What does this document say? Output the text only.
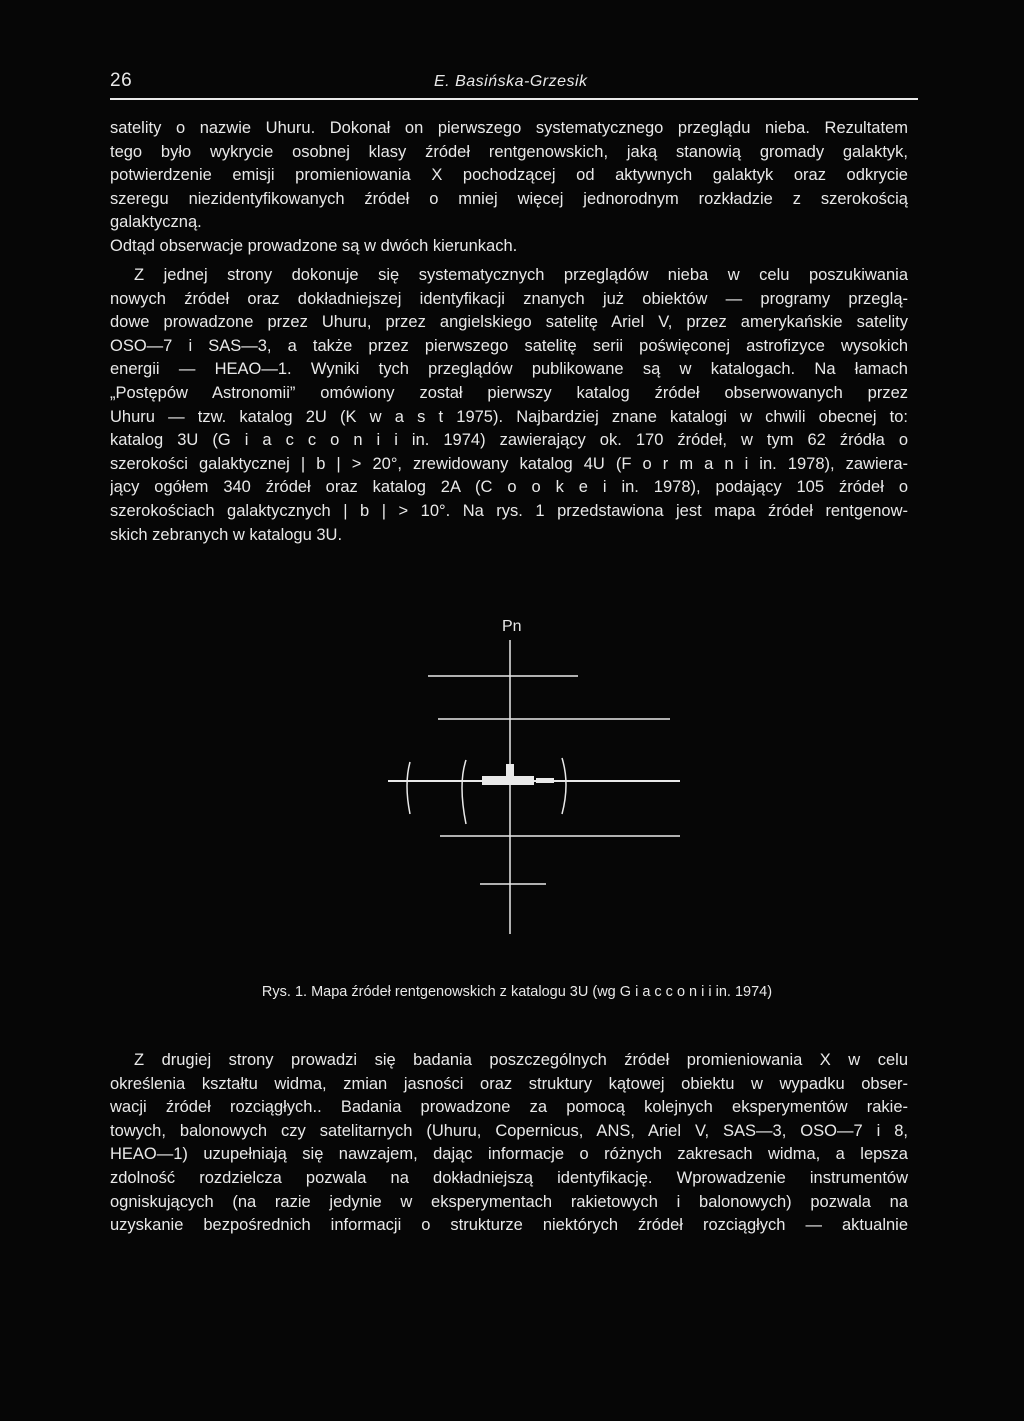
26	E. Basińska-Grzesik
satelity o nazwie Uhuru. Dokonał on pierwszego systematycznego przeglądu nieba. Rezultatem
tego było wykrycie osobnej klasy źródeł rentgenowskich, jaką stanowią gromady galaktyk,
potwierdzenie emisji promieniowania X pochodzącej od aktywnych galaktyk oraz odkrycie
szeregu niezidentyfikowanych źródeł o mniej więcej jednorodnym rozkładzie z szerokością
galaktyczną.
Odtąd obserwacje prowadzone są w dwóch kierunkach.
Z jednej strony dokonuje się systematycznych przeglądów nieba w celu poszukiwania
nowych źródeł oraz dokładniejszej identyfikacji znanych już obiektów — programy przeglą-
dowe prowadzone przez Uhuru, przez angielskiego satelitę Ariel V, przez amerykańskie satelity
OSO—7 i SAS—3, a także przez pierwszego satelitę serii poświęconej astrofizyce wysokich
energii — HEAO—1. Wyniki tych przeglądów publikowane są w katalogach. Na łamach
„Postępów Astronomii” omówiony został pierwszy katalog źródeł obserwowanych przez
Uhuru — tzw. katalog 2U (K w a s t 1975). Najbardziej znane katalogi w chwili obecnej to:
katalog 3U (G i a c c o n i i in. 1974) zawierający ok. 170 źródeł, w tym 62 źródła o
szerokości galaktycznej | b | > 20°, zrewidowany katalog 4U (F o r m a n i in. 1978), zawiera-
jący ogółem 340 źródeł oraz katalog 2A (C o o k e i in. 1978), podający 105 źródeł o
szerokościach galaktycznych | b | > 10°. Na rys. 1 przedstawiona jest mapa źródeł rentgenow-
skich zebranych w katalogu 3U.
Pn
Rys. 1. Mapa źródeł rentgenowskich z katalogu 3U (wg G i a c c o n i i in. 1974)
Z drugiej strony prowadzi się badania poszczególnych źródeł promieniowania X w celu
określenia kształtu widma, zmian jasności oraz struktury kątowej obiektu w wypadku obser-
wacji źródeł rozciągłych.. Badania prowadzone za pomocą kolejnych eksperymentów rakie-
towych, balonowych czy satelitarnych (Uhuru, Copernicus, ANS, Ariel V, SAS—3, OSO—7 i 8,
HEAO—1) uzupełniają się nawzajem, dając informacje o różnych zakresach widma, a lepsza
zdolność rozdzielcza pozwala na dokładniejszą identyfikację. Wprowadzenie instrumentów
ogniskujących (na razie jedynie w eksperymentach rakietowych i balonowych) pozwala na
uzyskanie bezpośrednich informacji o strukturze niektórych źródeł rozciągłych — aktualnie
